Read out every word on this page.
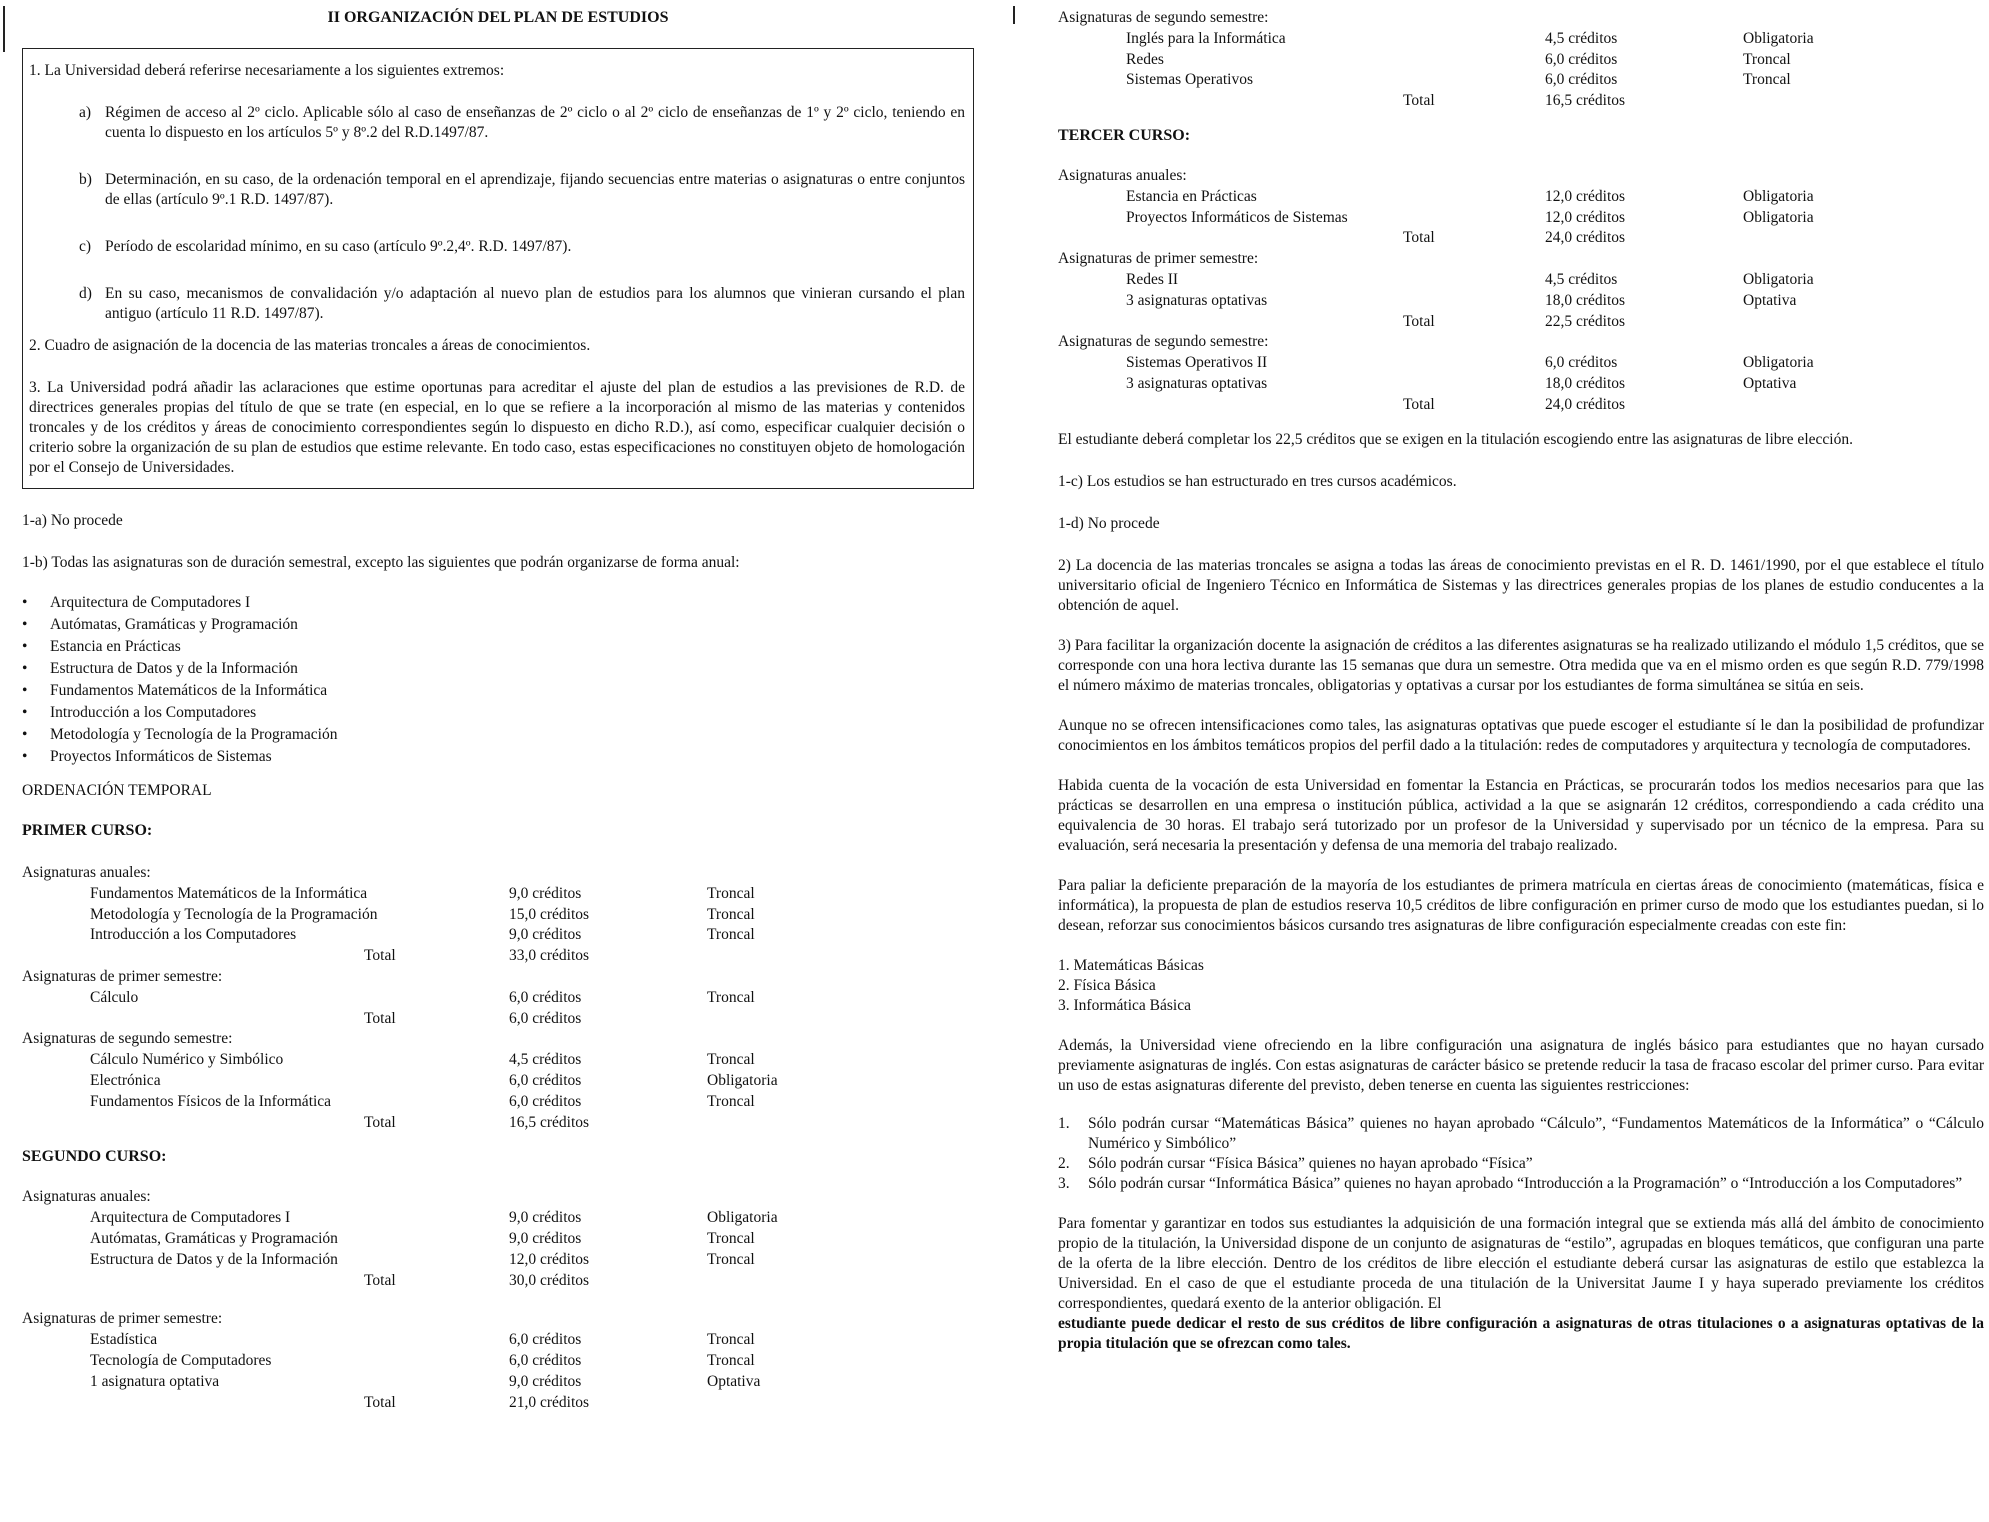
II ORGANIZACIÓN DEL PLAN DE ESTUDIOS

1. La Universidad deberá referirse necesariamente a los siguientes extremos:

a) Régimen de acceso al 2º ciclo. Aplicable sólo al caso de enseñanzas de 2º ciclo o al 2º ciclo de enseñanzas de 1º y 2º ciclo, teniendo en cuenta lo dispuesto en los artículos 5º y 8º.2 del R.D.1497/87.
b) Determinación, en su caso, de la ordenación temporal en el aprendizaje, fijando secuencias entre materias o asignaturas o entre conjuntos de ellas (artículo 9º.1 R.D. 1497/87).
c) Período de escolaridad mínimo, en su caso (artículo 9º.2,4º. R.D. 1497/87).
d) En su caso, mecanismos de convalidación y/o adaptación al nuevo plan de estudios para los alumnos que vinieran cursando el plan antiguo (artículo 11 R.D. 1497/87).

2. Cuadro de asignación de la docencia de las materias troncales a áreas de conocimientos.

3. La Universidad podrá añadir las aclaraciones que estime oportunas para acreditar el ajuste del plan de estudios a las previsiones de R.D. de directrices generales propias del título de que se trate (en especial, en lo que se refiere a la incorporación al mismo de las materias y contenidos troncales y de los créditos y áreas de conocimiento correspondientes según lo dispuesto en dicho R.D.), así como, especificar cualquier decisión o criterio sobre la organización de su plan de estudios que estime relevante. En todo caso, estas especificaciones no constituyen objeto de homologación por el Consejo de Universidades.

1-a) No procede

1-b) Todas las asignaturas son de duración semestral, excepto las siguientes que podrán organizarse de forma anual:

• Arquitectura de Computadores I
• Autómatas, Gramáticas y Programación
• Estancia en Prácticas
• Estructura de Datos y de la Información
• Fundamentos Matemáticos de la Informática
• Introducción a los Computadores
• Metodología y Tecnología de la Programación
• Proyectos Informáticos de Sistemas

ORDENACIÓN TEMPORAL

PRIMER CURSO:

Asignaturas anuales:
Fundamentos Matemáticos de la Informática	9,0 créditos	Troncal
Metodología y Tecnología de la Programación	15,0 créditos	Troncal
Introducción a los Computadores	9,0 créditos	Troncal
Total	33,0 créditos
Asignaturas de primer semestre:
Cálculo	6,0 créditos	Troncal
Total	6,0 créditos
Asignaturas de segundo semestre:
Cálculo Numérico y Simbólico	4,5 créditos	Troncal
Electrónica	6,0 créditos	Obligatoria
Fundamentos Físicos de la Informática	6,0 créditos	Troncal
Total	16,5 créditos

SEGUNDO CURSO:

Asignaturas anuales:
Arquitectura de Computadores I	9,0 créditos	Obligatoria
Autómatas, Gramáticas y Programación	9,0 créditos	Troncal
Estructura de Datos y de la Información	12,0 créditos	Troncal
Total	30,0 créditos
Asignaturas de primer semestre:
Estadística	6,0 créditos	Troncal
Tecnología de Computadores	6,0 créditos	Troncal
1 asignatura optativa	9,0 créditos	Optativa
Total	21,0 créditos
Asignaturas de segundo semestre:
Inglés para la Informática	4,5 créditos	Obligatoria
Redes	6,0 créditos	Troncal
Sistemas Operativos	6,0 créditos	Troncal
Total	16,5 créditos

TERCER CURSO:

Asignaturas anuales:
Estancia en Prácticas	12,0 créditos	Obligatoria
Proyectos Informáticos de Sistemas	12,0 créditos	Obligatoria
Total	24,0 créditos
Asignaturas de primer semestre:
Redes II	4,5 créditos	Obligatoria
3 asignaturas optativas	18,0 créditos	Optativa
Total	22,5 créditos
Asignaturas de segundo semestre:
Sistemas Operativos II	6,0 créditos	Obligatoria
3 asignaturas optativas	18,0 créditos	Optativa
Total	24,0 créditos

El estudiante deberá completar los 22,5 créditos que se exigen en la titulación escogiendo entre las asignaturas de libre elección.

1-c) Los estudios se han estructurado en tres cursos académicos.

1-d) No procede

2) La docencia de las materias troncales se asigna a todas las áreas de conocimiento previstas en el R. D. 1461/1990, por el que establece el título universitario oficial de Ingeniero Técnico en Informática de Sistemas y las directrices generales propias de los planes de estudio conducentes a la obtención de aquel.

3) Para facilitar la organización docente la asignación de créditos a las diferentes asignaturas se ha realizado utilizando el módulo 1,5 créditos, que se corresponde con una hora lectiva durante las 15 semanas que dura un semestre. Otra medida que va en el mismo orden es que según R.D. 779/1998 el número máximo de materias troncales, obligatorias y optativas a cursar por los estudiantes de forma simultánea se sitúa en seis.

Aunque no se ofrecen intensificaciones como tales, las asignaturas optativas que puede escoger el estudiante sí le dan la posibilidad de profundizar conocimientos en los ámbitos temáticos propios del perfil dado a la titulación: redes de computadores y arquitectura y tecnología de computadores.

Habida cuenta de la vocación de esta Universidad en fomentar la Estancia en Prácticas, se procurarán todos los medios necesarios para que las prácticas se desarrollen en una empresa o institución pública, actividad a la que se asignarán 12 créditos, correspondiendo a cada crédito una equivalencia de 30 horas. El trabajo será tutorizado por un profesor de la Universidad y supervisado por un técnico de la empresa. Para su evaluación, será necesaria la presentación y defensa de una memoria del trabajo realizado.

Para paliar la deficiente preparación de la mayoría de los estudiantes de primera matrícula en ciertas áreas de conocimiento (matemáticas, física e informática), la propuesta de plan de estudios reserva 10,5 créditos de libre configuración en primer curso de modo que los estudiantes puedan, si lo desean, reforzar sus conocimientos básicos cursando tres asignaturas de libre configuración especialmente creadas con este fin:

1. Matemáticas Básicas
2. Física Básica
3. Informática Básica

Además, la Universidad viene ofreciendo en la libre configuración una asignatura de inglés básico para estudiantes que no hayan cursado previamente asignaturas de inglés. Con estas asignaturas de carácter básico se pretende reducir la tasa de fracaso escolar del primer curso. Para evitar un uso de estas asignaturas diferente del previsto, deben tenerse en cuenta las siguientes restricciones:

1.	Sólo podrán cursar “Matemáticas Básica” quienes no hayan aprobado “Cálculo”, “Fundamentos Matemáticos de la Informática” o “Cálculo Numérico y Simbólico”
2.	Sólo podrán cursar “Física Básica” quienes no hayan aprobado “Física”
3.	Sólo podrán cursar “Informática Básica” quienes no hayan aprobado “Introducción a la Programación” o “Introducción a los Computadores”

Para fomentar y garantizar en todos sus estudiantes la adquisición de una formación integral que se extienda más allá del ámbito de conocimiento propio de la titulación, la Universidad dispone de un conjunto de asignaturas de “estilo”, agrupadas en bloques temáticos, que configuran una parte de la oferta de la libre elección. Dentro de los créditos de libre elección el estudiante deberá cursar las asignaturas de estilo que establezca la Universidad. En el caso de que el estudiante proceda de una titulación de la Universitat Jaume I y haya superado previamente los créditos correspondientes, quedará exento de la anterior obligación. El

estudiante puede dedicar el resto de sus créditos de libre configuración a asignaturas de otras titulaciones o a asignaturas optativas de la propia titulación que se ofrezcan como tales.
